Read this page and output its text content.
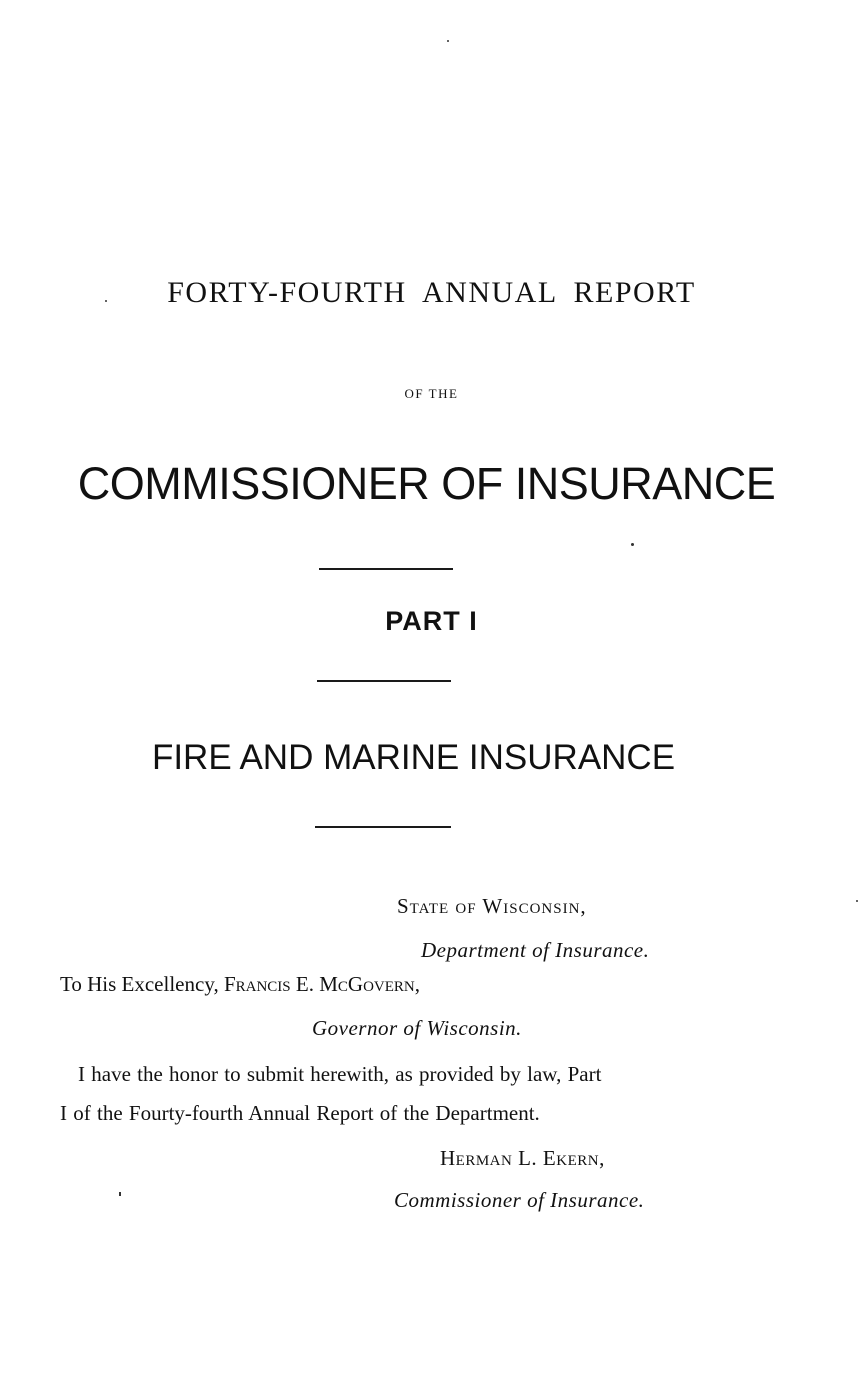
FORTY-FOURTH ANNUAL REPORT
OF THE
COMMISSIONER OF INSURANCE
PART I
FIRE AND MARINE INSURANCE
State of Wisconsin,
Department of Insurance.
To His Excellency, Francis E. McGovern,
Governor of Wisconsin.
I have the honor to submit herewith, as provided by law, Part
I of the Fourty-fourth Annual Report of the Department.
Herman L. Ekern,
Commissioner of Insurance.
